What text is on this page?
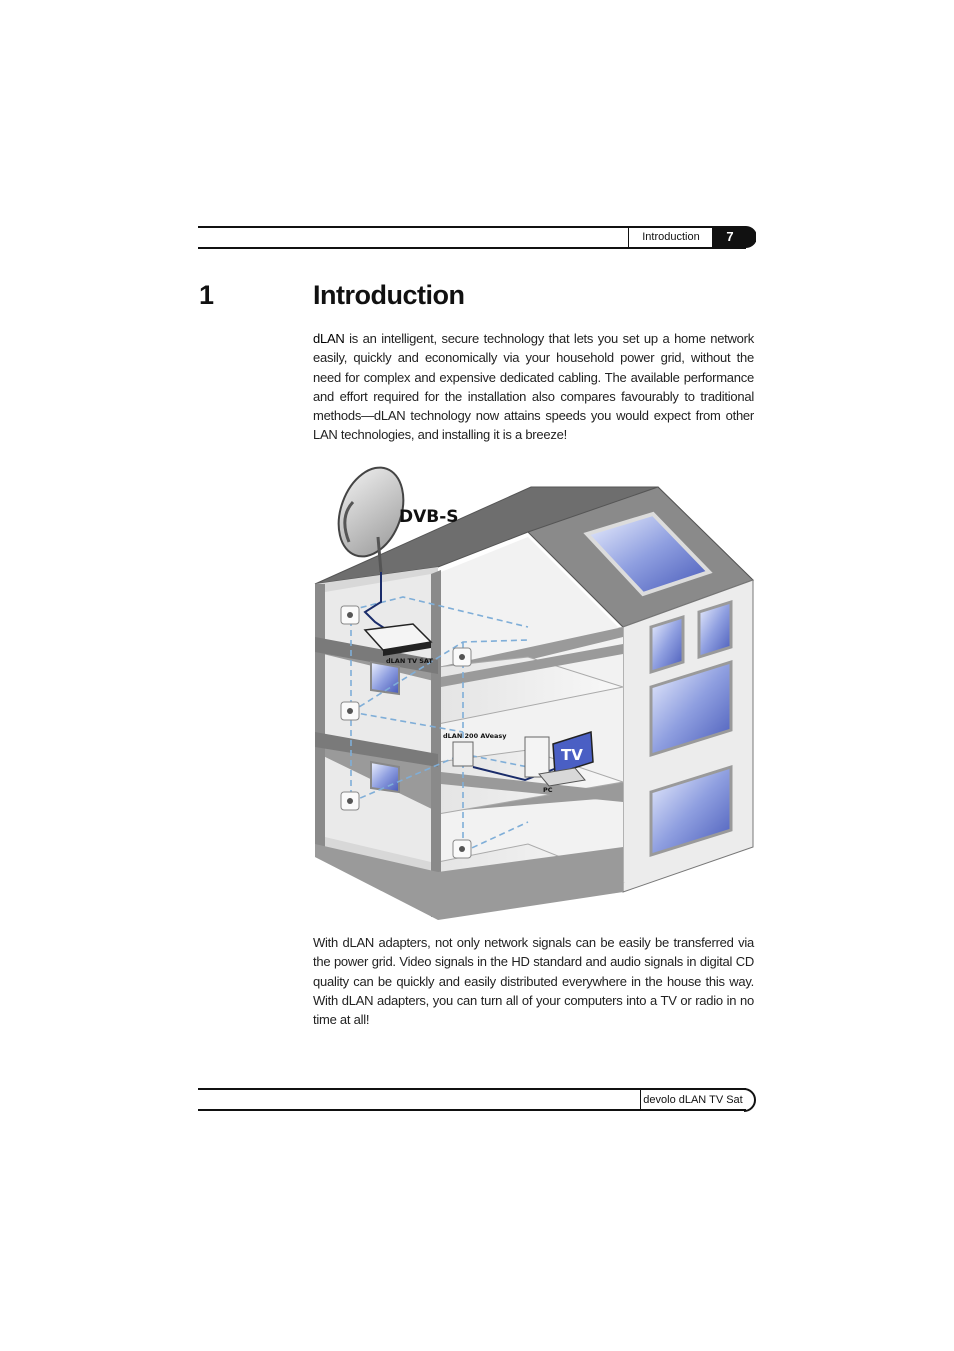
Introduction	7
1	Introduction
dLAN is an intelligent, secure technology that lets you set up a home network easily, quickly and economically via your household power grid, without the need for complex and expensive dedicated cabling. The available performance and effort required for the installation also compares favourably to traditional methods—dLAN technology now attains speeds you would expect from other LAN technologies, and installing it is a breeze!
DVB-S
dLAN TV SAT
dLAN 200 AVeasy
TV
PC
With dLAN adapters, not only network signals can be easily be transferred via the power grid. Video signals in the HD standard and audio signals in digital CD quality can be quickly and easily distributed everywhere in the house this way. With dLAN adapters, you can turn all of your computers into a TV or radio in no time at all!
devolo dLAN TV Sat
